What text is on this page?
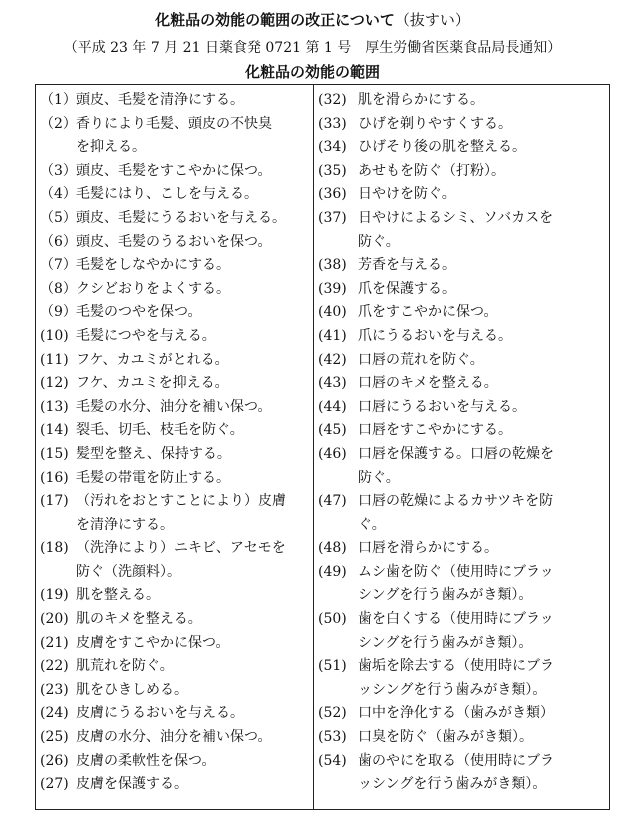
化粧品の効能の範囲の改正について（抜すい）
（平成 23 年 7 月 21 日薬食発 0721 第 1 号　厚生労働省医薬食品局長通知）
化粧品の効能の範囲
（1）頭皮、毛髪を清浄にする。
（2）香りにより毛髪、頭皮の不快臭
を抑える。
（3）頭皮、毛髪をすこやかに保つ。
（4）毛髪にはり、こしを与える。
（5）頭皮、毛髪にうるおいを与える。
（6）頭皮、毛髪のうるおいを保つ。
（7）毛髪をしなやかにする。
（8）クシどおりをよくする。
（9）毛髪のつやを保つ。
(10) 毛髪につやを与える。
(11) フケ、カユミがとれる。
(12) フケ、カユミを抑える。
(13) 毛髪の水分、油分を補い保つ。
(14) 裂毛、切毛、枝毛を防ぐ。
(15) 髪型を整え、保持する。
(16) 毛髪の帯電を防止する。
(17) （汚れをおとすことにより）皮膚
を清浄にする。
(18) （洗浄により）ニキビ、アセモを
防ぐ（洗顔料）。
(19) 肌を整える。
(20) 肌のキメを整える。
(21) 皮膚をすこやかに保つ。
(22) 肌荒れを防ぐ。
(23) 肌をひきしめる。
(24) 皮膚にうるおいを与える。
(25) 皮膚の水分、油分を補い保つ。
(26) 皮膚の柔軟性を保つ。
(27) 皮膚を保護する。
(32) 肌を滑らかにする。
(33) ひげを剃りやすくする。
(34) ひげそり後の肌を整える。
(35) あせもを防ぐ（打粉）。
(36) 日やけを防ぐ。
(37) 日やけによるシミ、ソバカスを
防ぐ。
(38) 芳香を与える。
(39) 爪を保護する。
(40) 爪をすこやかに保つ。
(41) 爪にうるおいを与える。
(42) 口唇の荒れを防ぐ。
(43) 口唇のキメを整える。
(44) 口唇にうるおいを与える。
(45) 口唇をすこやかにする。
(46) 口唇を保護する。口唇の乾燥を
防ぐ。
(47) 口唇の乾燥によるカサツキを防
ぐ。
(48) 口唇を滑らかにする。
(49) ムシ歯を防ぐ（使用時にブラッ
シングを行う歯みがき類）。
(50) 歯を白くする（使用時にブラッ
シングを行う歯みがき類）。
(51) 歯垢を除去する（使用時にブラ
ッシングを行う歯みがき類）。
(52) 口中を浄化する（歯みがき類）
(53) 口臭を防ぐ（歯みがき類）。
(54) 歯のやにを取る（使用時にブラ
ッシングを行う歯みがき類）。
